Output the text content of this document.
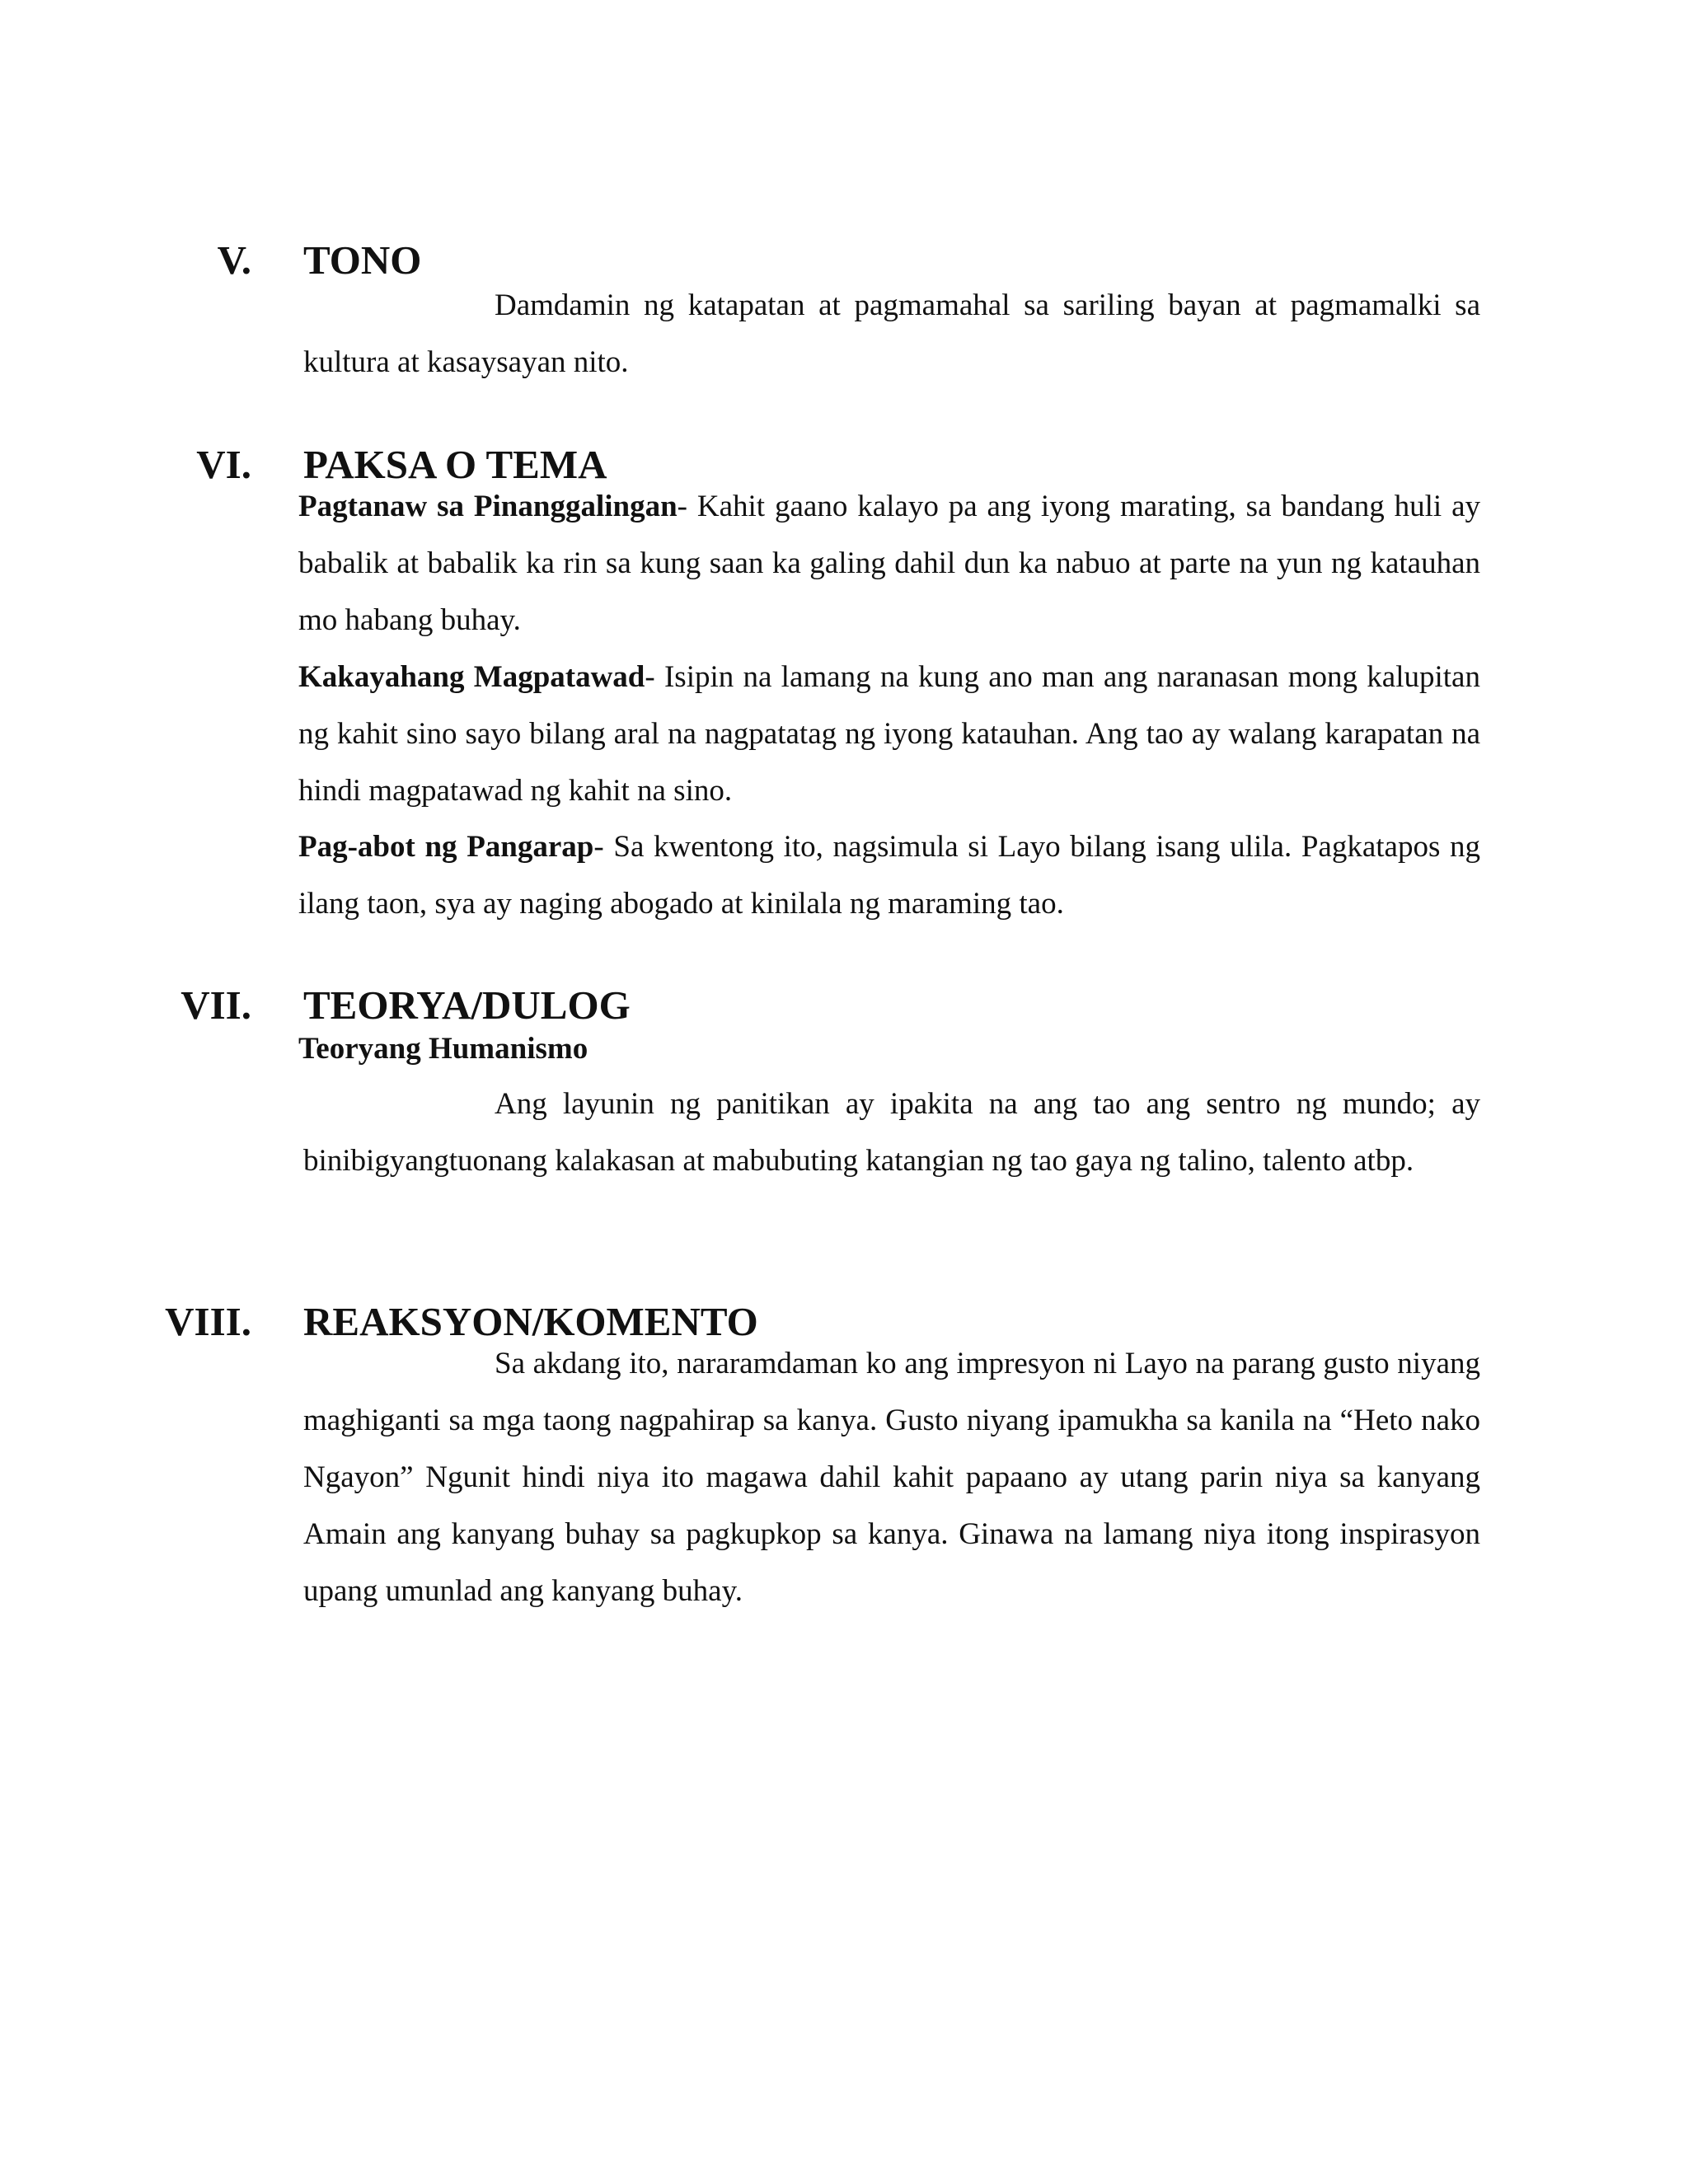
V. TONO

Damdamin ng katapatan at pagmamahal sa sariling bayan at pagmamalki sa kultura at kasaysayan nito.

VI. PAKSA O TEMA

Pagtanaw sa Pinanggalingan- Kahit gaano kalayo pa ang iyong marating, sa bandang huli ay babalik at babalik ka rin sa kung saan ka galing dahil dun ka nabuo at parte na yun ng katauhan mo habang buhay.

Kakayahang Magpatawad- Isipin na lamang na kung ano man ang naranasan mong kalupitan ng kahit sino sayo bilang aral na nagpatatag ng iyong katauhan. Ang tao ay walang karapatan na hindi magpatawad ng kahit na sino.

Pag-abot ng Pangarap- Sa kwentong ito, nagsimula si Layo bilang isang ulila. Pagkatapos ng ilang taon, sya ay naging abogado at kinilala ng maraming tao.

VII. TEORYA/DULOG
Teoryang Humanismo

Ang layunin ng panitikan ay ipakita na ang tao ang sentro ng mundo; ay binibigyangtuonang kalakasan at mabubuting katangian ng tao gaya ng talino, talento atbp.

VIII. REAKSYON/KOMENTO

Sa akdang ito, nararamdaman ko ang impresyon ni Layo na parang gusto niyang maghiganti sa mga taong nagpahirap sa kanya. Gusto niyang ipamukha sa kanila na “Heto nako Ngayon” Ngunit hindi niya ito magawa dahil kahit papaano ay utang parin niya sa kanyang Amain ang kanyang buhay sa pagkupkop sa kanya. Ginawa na lamang niya itong inspirasyon upang umunlad ang kanyang buhay.
